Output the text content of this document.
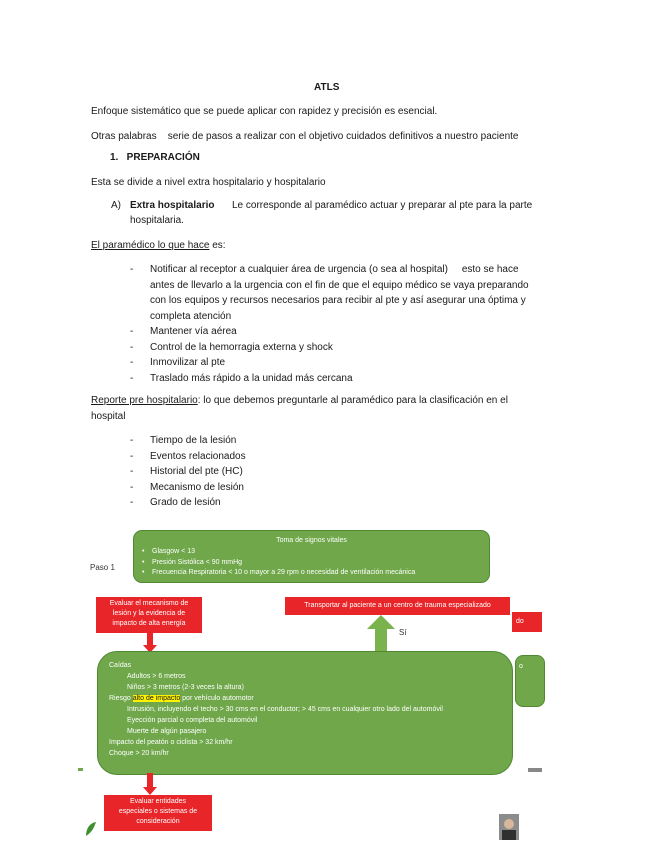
ATLS
Enfoque sistemático que se puede aplicar con rapidez y precisión es esencial.
Otras palabras    serie de pasos a realizar con el objetivo cuidados definitivos a nuestro paciente
1.   PREPARACIÓN
Esta se divide a nivel extra hospitalario y hospitalario
A) Extra hospitalario Le corresponde al paramédico actuar y preparar al pte para la parte
hospitalaria.
El paramédico lo que hace es:
- Notificar al receptor a cualquier área de urgencia (o sea al hospital)     esto se hace
antes de llevarlo a la urgencia con el fin de que el equipo médico se vaya preparando
con los equipos y recursos necesarios para recibir al pte y así asegurar una óptima y
completa atención
- Mantener vía aérea
- Control de la hemorragia externa y shock
- Inmovilizar al pte
- Traslado más rápido a la unidad más cercana
Reporte pre hospitalario: lo que debemos preguntarle al paramédico para la clasificación en el
hospital
- Tiempo de la lesión
- Eventos relacionados
- Historial del pte (HC)
- Mecanismo de lesión
- Grado de lesión
Paso 1
Toma de signos vitales
• Glasgow < 13
• Presión Sistólica < 90 mmHg
• Frecuencia Respiratoria < 10 o mayor a 29 rpm o necesidad de ventilación mecánica
Evaluar el mecanismo de
lesión y la evidencia de
impacto de alta energía
Transportar al paciente a un centro de trauma especializado
do
o
Sí
Caídas
Adultos > 6 metros
Niños > 3 metros (2-3 veces la altura)
Riesgo alto de impacto por vehículo automotor
Intrusión, incluyendo el techo > 30 cms en el conductor; > 45 cms en cualquier otro lado del automóvil
Eyección parcial o completa del automóvil
Muerte de algún pasajero
Impacto del peatón o ciclista > 32 km/hr
Choque > 20 km/hr
Evaluar entidades
especiales o sistemas de
consideración
